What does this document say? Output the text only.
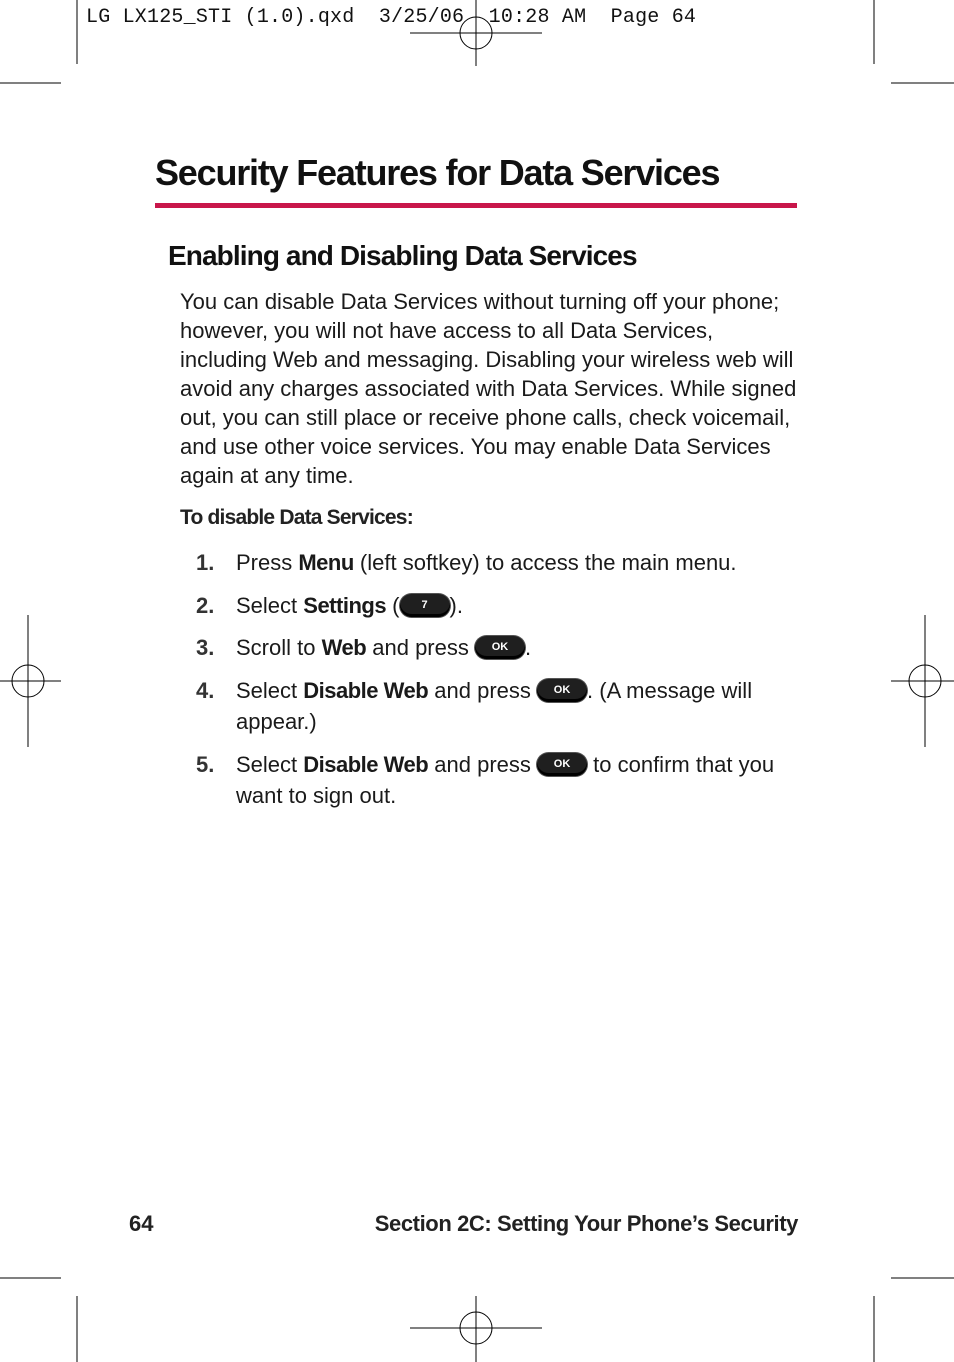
LG LX125_STI (1.0).qxd  3/25/06  10:28 AM  Page 64
Security Features for Data Services
Enabling and Disabling Data Services

You can disable Data Services without turning off your phone; however, you will not have access to all Data Services, including Web and messaging. Disabling your wireless web will avoid any charges associated with Data Services. While signed out, you can still place or receive phone calls, check voicemail, and use other voice services. You may enable Data Services again at any time.

To disable Data Services:
1. Press Menu (left softkey) to access the main menu.
2. Select Settings ( 7 ).
3. Scroll to Web and press OK .
4. Select Disable Web and press OK . (A message will appear.)
5. Select Disable Web and press OK to confirm that you want to sign out.
64	Section 2C: Setting Your Phone’s Security
